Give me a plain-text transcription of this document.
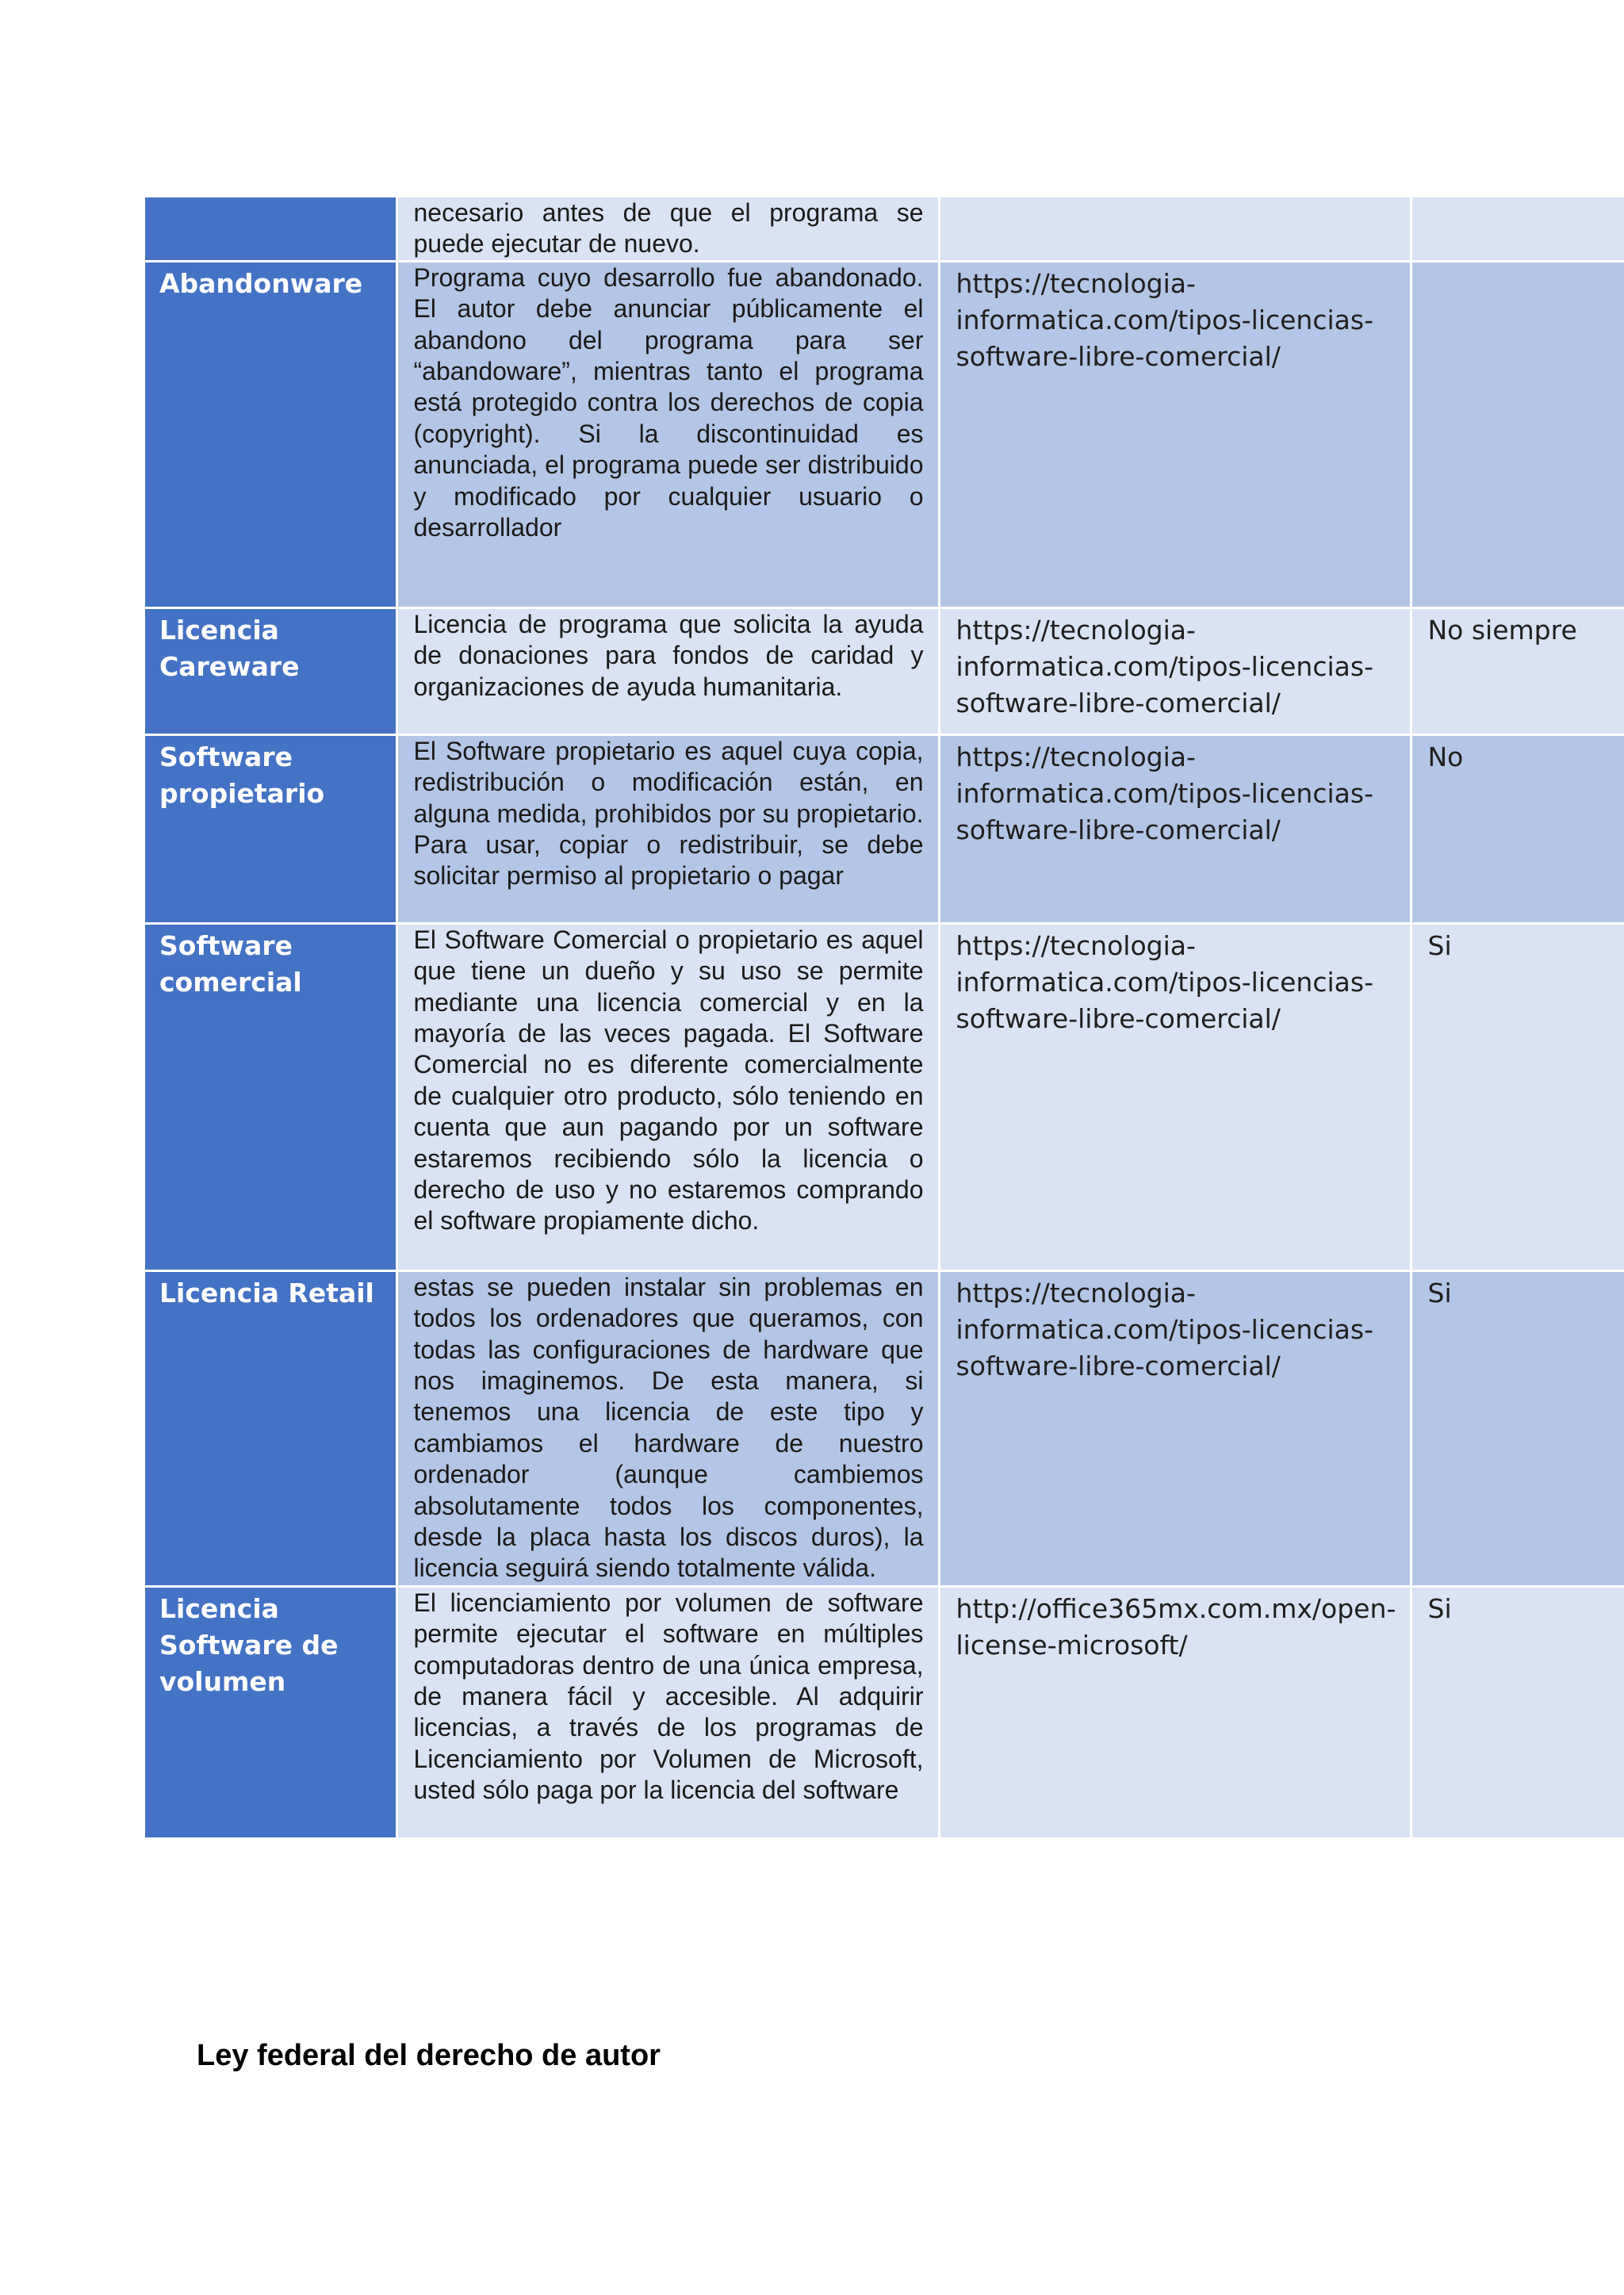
	necesario antes de que el programa se puede ejecutar de nuevo.		
Abandonware	Programa cuyo desarrollo fue abandonado. El autor debe anunciar públicamente el abandono del programa para ser “abandoware”, mientras tanto el programa está protegido contra los derechos de copia (copyright). Si la discontinuidad es anunciada, el programa puede ser distribuido y modificado por cualquier usuario o desarrollador	https://tecnologia-informatica.com/tipos-licencias-software-libre-comercial/	
Licencia Careware	Licencia de programa que solicita la ayuda de donaciones para fondos de caridad y organizaciones de ayuda humanitaria.	https://tecnologia-informatica.com/tipos-licencias-software-libre-comercial/	No siempre
Software propietario	El Software propietario es aquel cuya copia, redistribución o modificación están, en alguna medida, prohibidos por su propietario. Para usar, copiar o redistribuir, se debe solicitar permiso al propietario o pagar	https://tecnologia-informatica.com/tipos-licencias-software-libre-comercial/	No
Software comercial	El Software Comercial o propietario es aquel que tiene un dueño y su uso se permite mediante una licencia comercial y en la mayoría de las veces pagada. El Software Comercial no es diferente comercialmente de cualquier otro producto, sólo teniendo en cuenta que aun pagando por un software estaremos recibiendo sólo la licencia o derecho de uso y no estaremos comprando el software propiamente dicho.	https://tecnologia-informatica.com/tipos-licencias-software-libre-comercial/	Si
Licencia Retail	estas se pueden instalar sin problemas en todos los ordenadores que queramos, con todas las configuraciones de hardware que nos imaginemos. De esta manera, si tenemos una licencia de este tipo y cambiamos el hardware de nuestro ordenador (aunque cambiemos absolutamente todos los componentes, desde la placa hasta los discos duros), la licencia seguirá siendo totalmente válida.	https://tecnologia-informatica.com/tipos-licencias-software-libre-comercial/	Si
Licencia Software de volumen	El licenciamiento por volumen de software permite ejecutar el software en múltiples computadoras dentro de una única empresa, de manera fácil y accesible. Al adquirir licencias, a través de los programas de Licenciamiento por Volumen de Microsoft, usted sólo paga por la licencia del software	http://office365mx.com.mx/open-license-microsoft/	Si
Ley federal del derecho de autor
